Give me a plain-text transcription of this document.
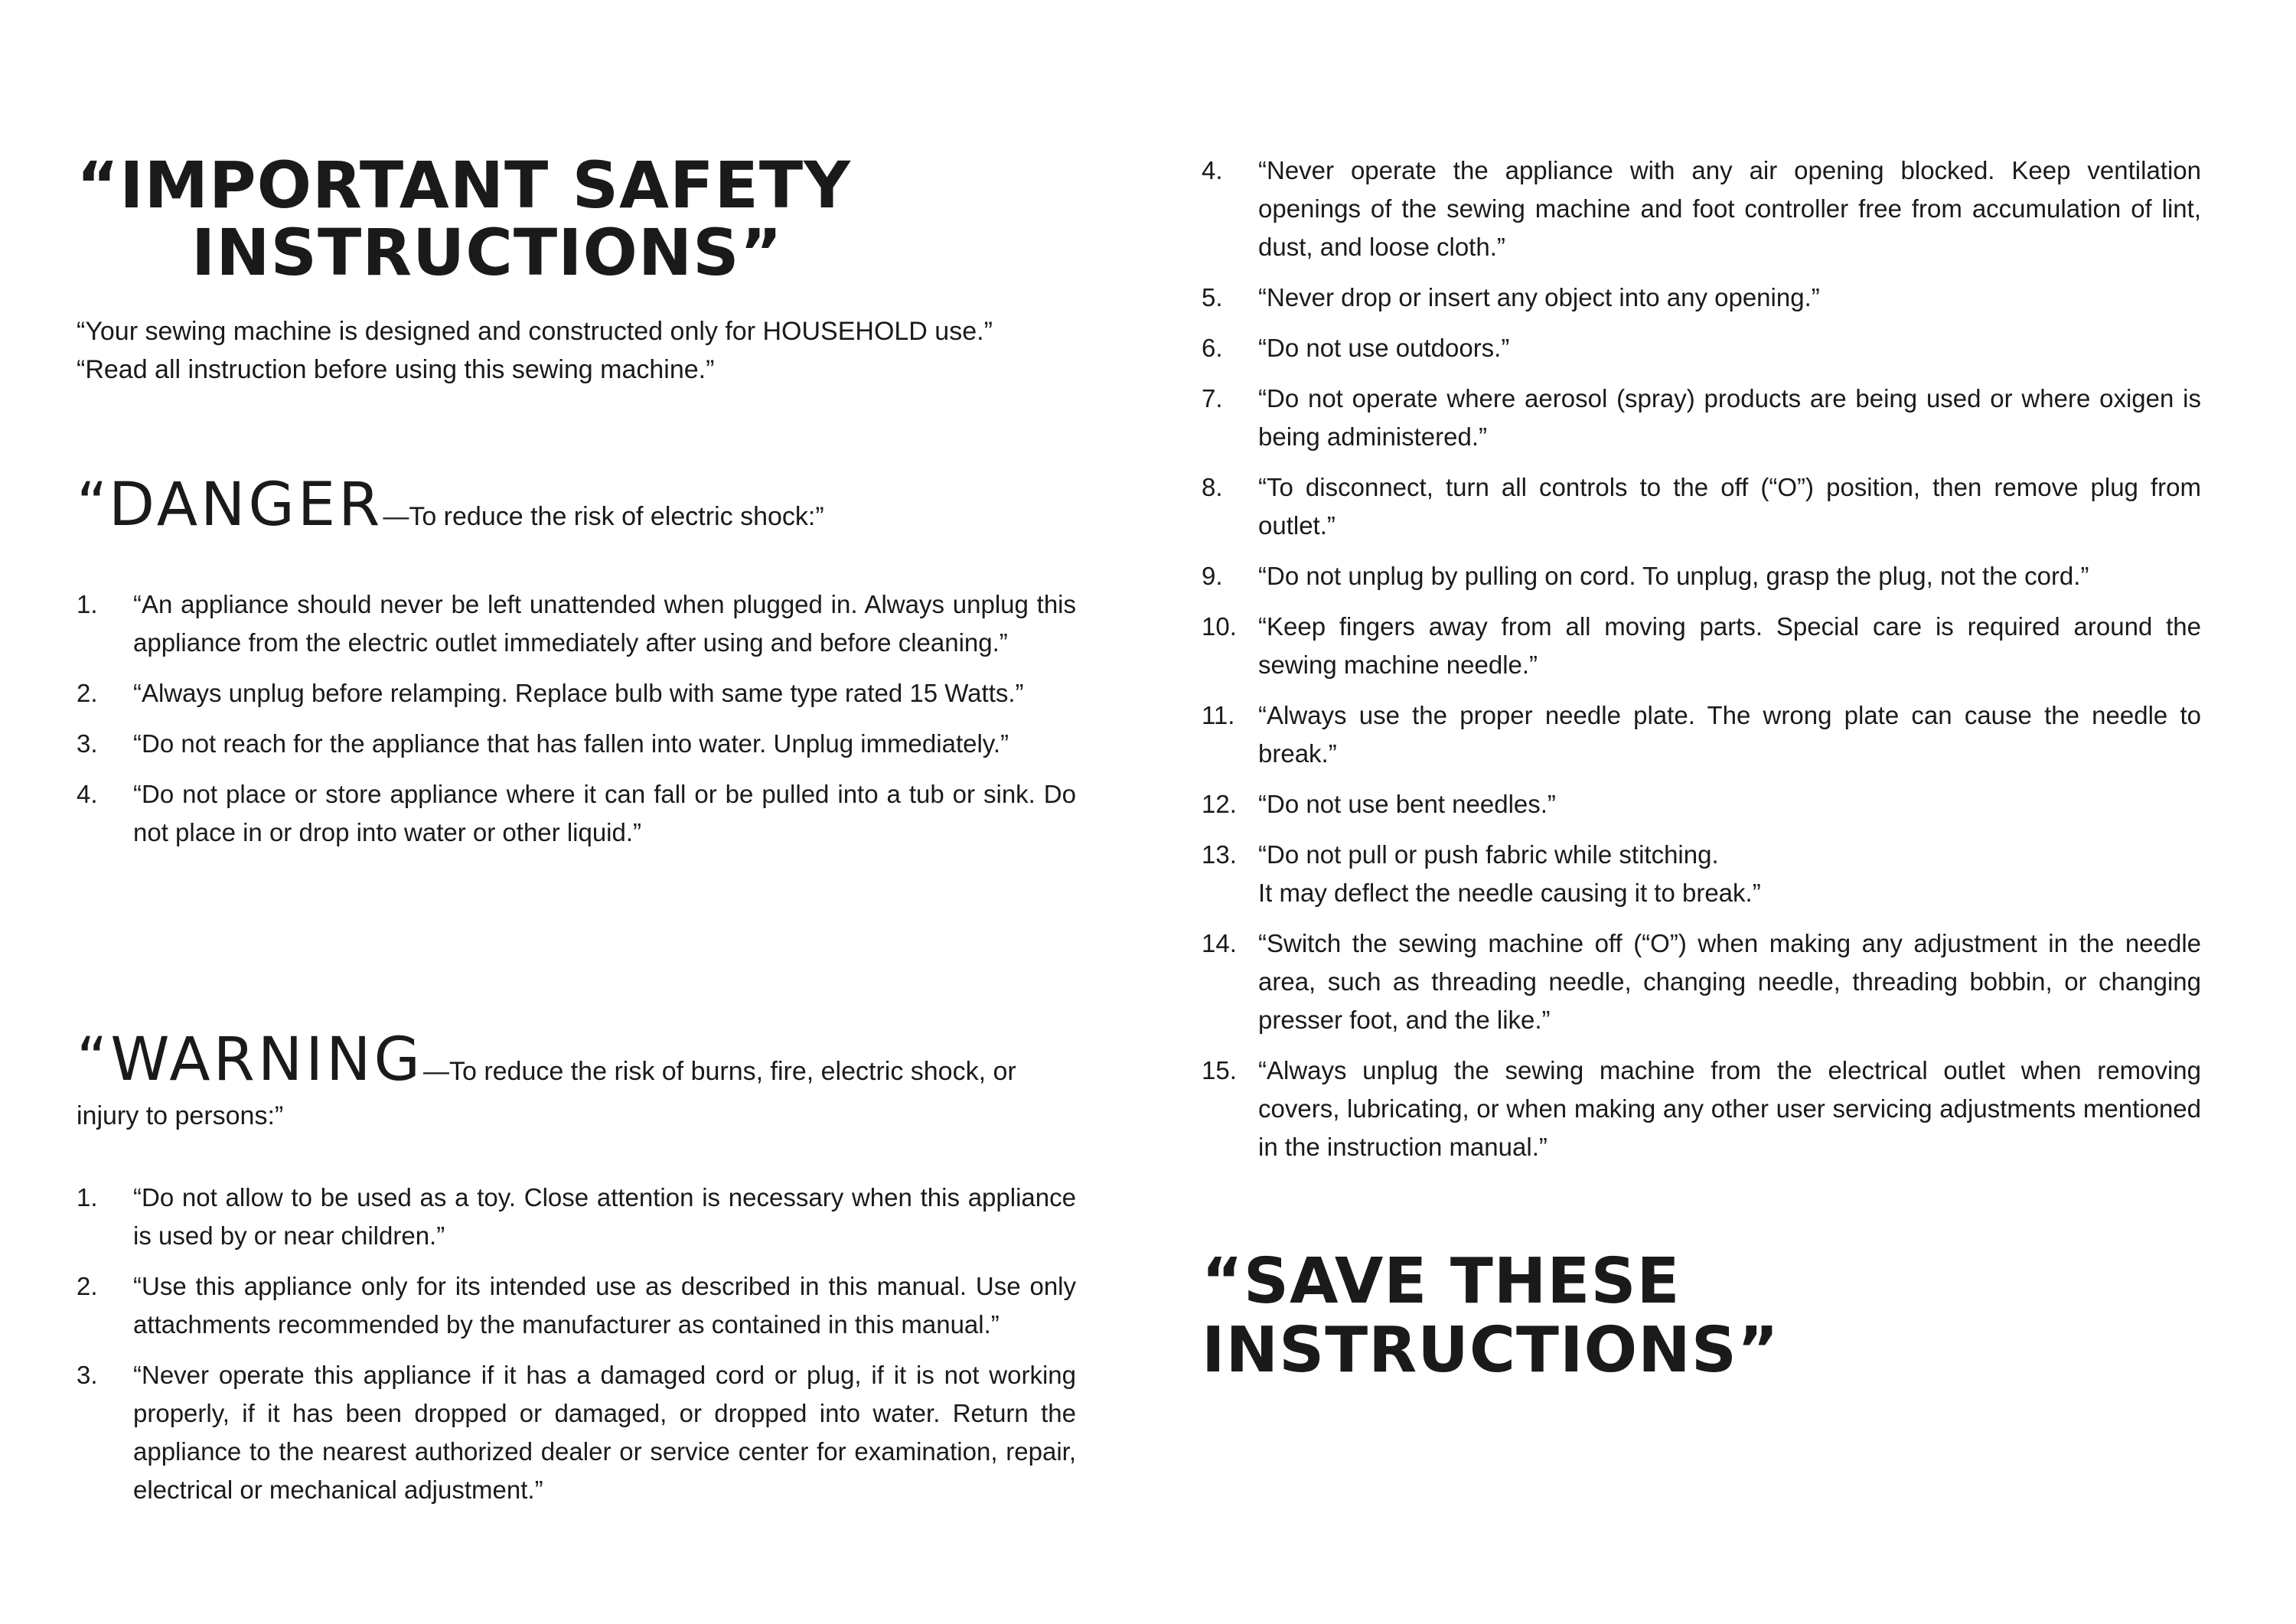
“IMPORTANT SAFETY
INSTRUCTIONS”

“Your sewing machine is designed and constructed only for HOUSEHOLD use.”

“Read all instruction before using this sewing machine.”

“DANGER—To reduce the risk of electric shock:”
1.	“An appliance should never be left unattended when plugged in. Always unplug this appliance from the electric outlet immediately after using and before cleaning.”
2.	“Always unplug before relamping. Replace bulb with same type rated 15 Watts.”
3.	“Do not reach for the appliance that has fallen into water. Unplug immediately.”
4.	“Do not place or store appliance where it can fall or be pulled into a tub or sink. Do not place in or drop into water or other liquid.”
“WARNING—To reduce the risk of burns, fire, electric shock, or injury to persons:”
1.	“Do not allow to be used as a toy. Close attention is necessary when this appliance is used by or near children.”
2.	“Use this appliance only for its intended use as described in this manual. Use only attachments recommended by the manufacturer as contained in this manual.”
3.	“Never operate this appliance if it has a damaged cord or plug, if it is not working properly, if it has been dropped or damaged, or dropped into water. Return the appliance to the nearest authorized dealer or service center for examination, repair, electrical or mechanical adjustment.”
4.	“Never operate the appliance with any air opening blocked. Keep ventilation openings of the sewing machine and foot controller free from accumulation of lint, dust, and loose cloth.”
5.	“Never drop or insert any object into any opening.”
6.	“Do not use outdoors.”
7.	“Do not operate where aerosol (spray) products are being used or where oxigen is being administered.”
8.	“To disconnect, turn all controls to the off (“O”) position, then remove plug from outlet.”
9.	“Do not unplug by pulling on cord. To unplug, grasp the plug, not the cord.”
10. “Keep fingers away from all moving parts. Special care is required around the sewing machine needle.”
11. “Always use the proper needle plate. The wrong plate can cause the needle to break.”
12. “Do not use bent needles.”
13. “Do not pull or push fabric while stitching.
It may deflect the needle causing it to break.”
14. “Switch the sewing machine off (“O”) when making any adjustment in the needle area, such as threading needle, changing needle, threading bobbin, or changing presser foot, and the like.”
15. “Always unplug the sewing machine from the electrical outlet when removing covers, lubricating, or when making any other user servicing adjustments mentioned in the instruction manual.”
“SAVE THESE INSTRUCTIONS”
